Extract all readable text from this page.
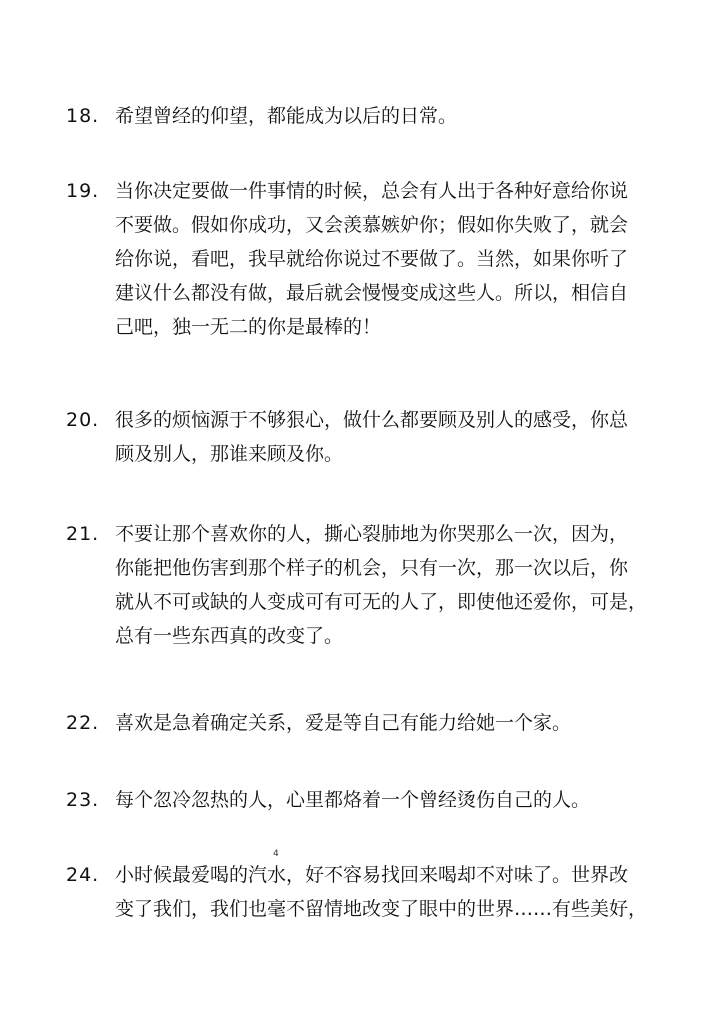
18. 希望曾经的仰望，都能成为以后的日常。
19. 当你决定要做一件事情的时候，总会有人出于各种好意给你说
不要做。假如你成功，又会羡慕嫉妒你；假如你失败了，就会
给你说，看吧，我早就给你说过不要做了。当然，如果你听了
建议什么都没有做，最后就会慢慢变成这些人。所以，相信自
己吧，独一无二的你是最棒的！
20. 很多的烦恼源于不够狠心，做什么都要顾及别人的感受，你总
顾及别人，那谁来顾及你。
21. 不要让那个喜欢你的人，撕心裂肺地为你哭那么一次，因为，
你能把他伤害到那个样子的机会，只有一次，那一次以后，你
就从不可或缺的人变成可有可无的人了，即使他还爱你，可是，
总有一些东西真的改变了。
22. 喜欢是急着确定关系，爱是等自己有能力给她一个家。
23. 每个忽冷忽热的人，心里都烙着一个曾经烫伤自己的人。
4
24. 小时候最爱喝的汽水，好不容易找回来喝却不对味了。世界改
变了我们，我们也毫不留情地改变了眼中的世界……有些美好，
